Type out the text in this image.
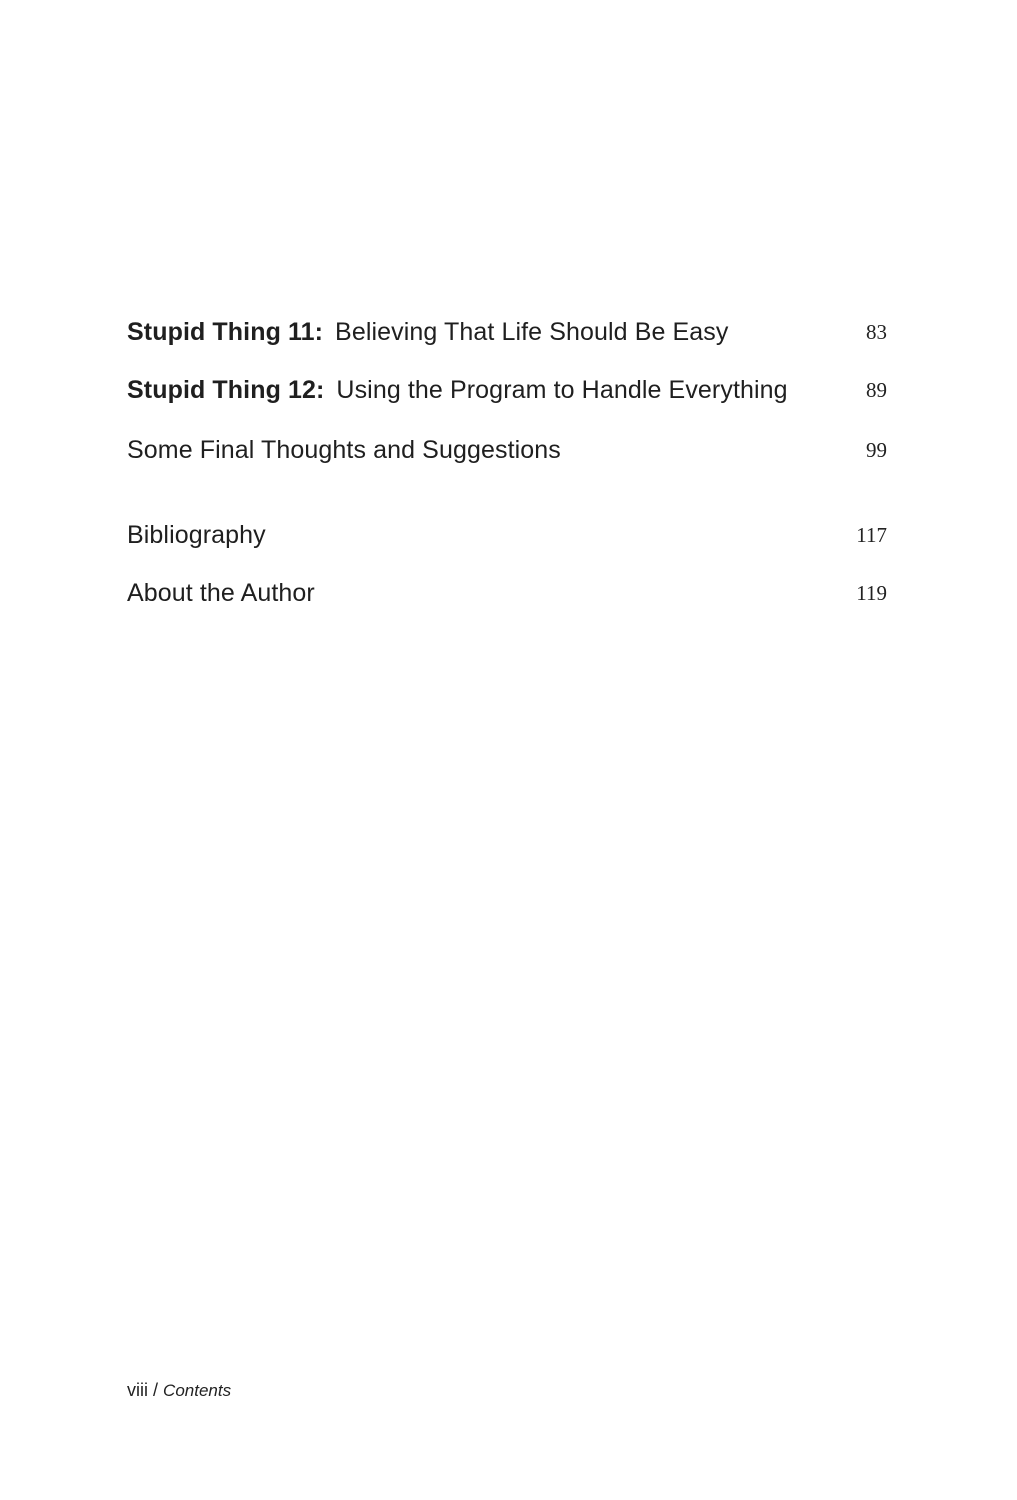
Stupid Thing 11: Believing That Life Should Be Easy	83
Stupid Thing 12: Using the Program to Handle Everything	89
Some Final Thoughts and Suggestions	99
Bibliography	117
About the Author	119
viii / Contents
